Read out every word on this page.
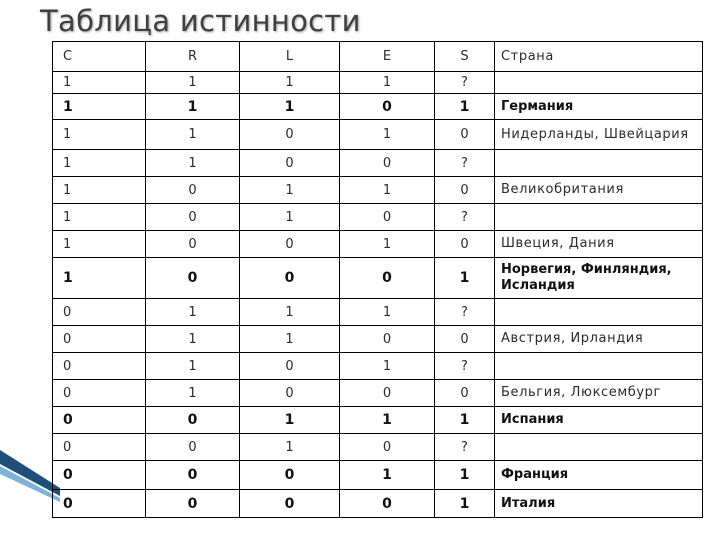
Таблица истинности
C	R	L	E	S	Страна
1	1	1	1	?	
1	1	1	0	1	Германия
1	1	0	1	0	Нидерланды, Швейцария
1	1	0	0	?	
1	0	1	1	0	Великобритания
1	0	1	0	?	
1	0	0	1	0	Швеция, Дания
1	0	0	0	1	Норвегия, Финляндия, Исландия
0	1	1	1	?	
0	1	1	0	0	Австрия, Ирландия
0	1	0	1	?	
0	1	0	0	0	Бельгия, Люксембург
0	0	1	1	1	Испания
0	0	1	0	?	
0	0	0	1	1	Франция
0	0	0	0	1	Италия
